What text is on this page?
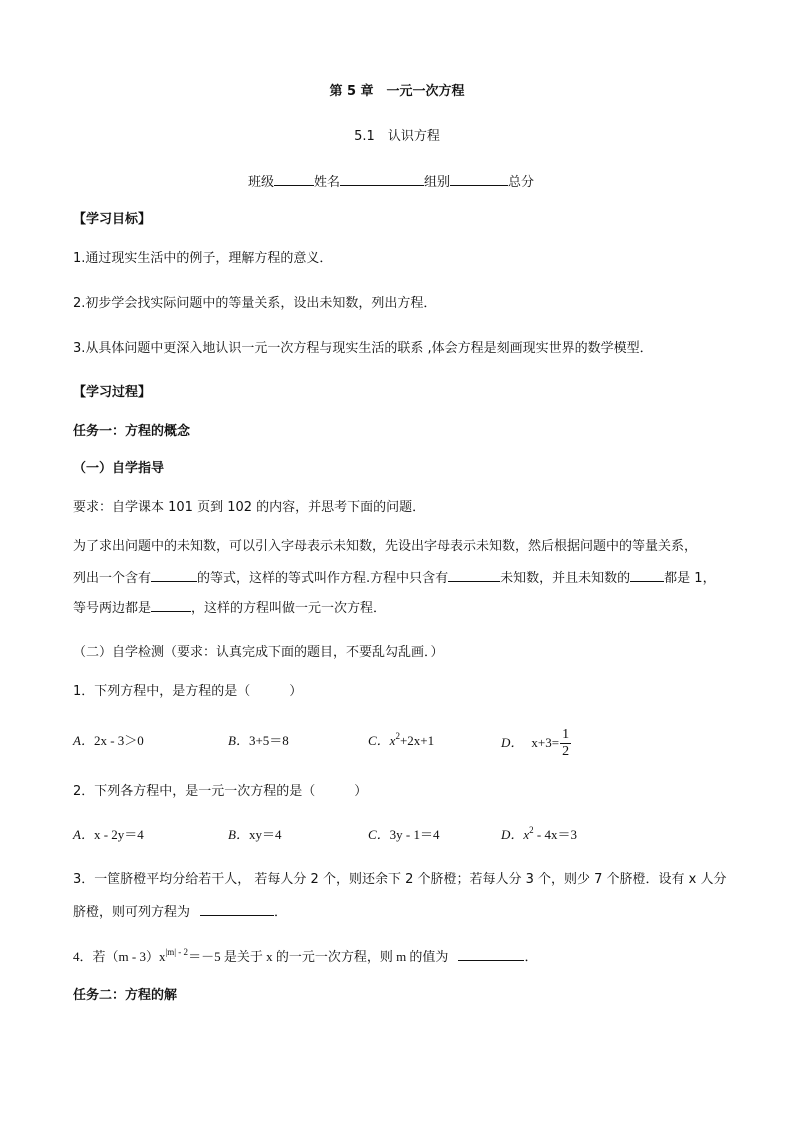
第 5 章　一元一次方程
5.1　认识方程
班级	姓名	组别	总分
【学习目标】
1.通过现实生活中的例子，理解方程的意义．
2.初步学会找实际问题中的等量关系，设出未知数，列出方程．
3.从具体问题中更深入地认识一元一次方程与现实生活的联系 ,体会方程是刻画现实世界的数学模型．
【学习过程】
任务一：方程的概念
（一）自学指导
要求：自学课本 101 页到 102 的内容，并思考下面的问题．
为了求出问题中的未知数，可以引入字母表示未知数，先设出字母表示未知数，然后根据问题中的等量关系，
列出一个含有	的等式，这样的等式叫作方程.方程中只含有	未知数，并且未知数的	都是 1，
等号两边都是	，这样的方程叫做一元一次方程．
（二）自学检测（要求：认真完成下面的题目，不要乱勾乱画．）
1．下列方程中，是方程的是（　　　）
A．2x - 3＞0	B．3+5＝8	C．$x^2+2x+1$	D． $x+3= \frac{1}{2}$
2．下列各方程中，是一元一次方程的是（　　　）
A．x - 2y＝4	B．xy＝4	C．3y - 1＝4	D．$x^2 - 4x=3$
3．一筐脐橙平均分给若干人， 若每人分 2 个，则还余下 2 个脐橙；若每人分 3 个，则少 7 个脐橙．设有 x 人分
脐橙，则可列方程为	．
4．若$(m - 3)x^{|m| - 2}=-5$ 是关于 x 的一元一次方程，则 m 的值为	．
任务二：方程的解
